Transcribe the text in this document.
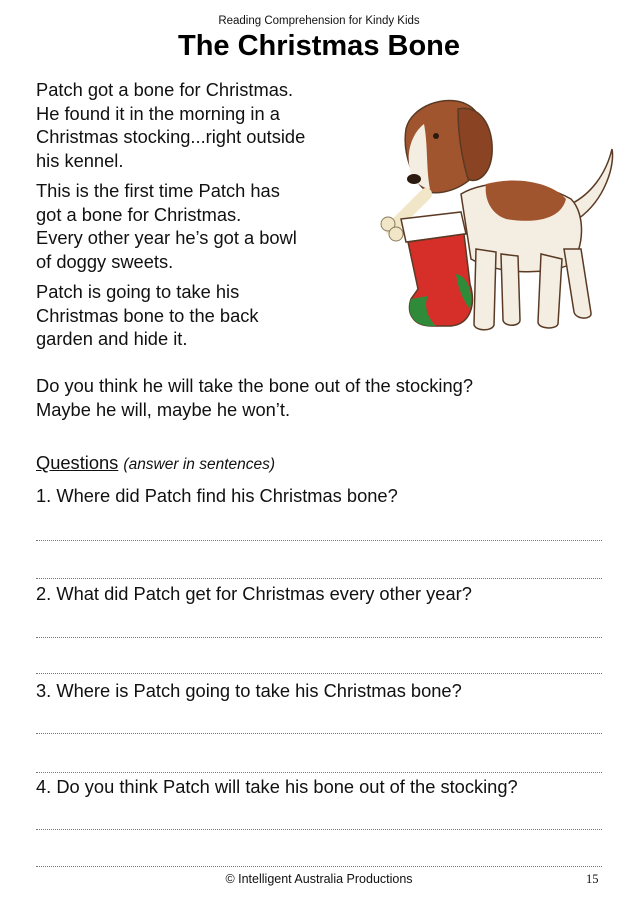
Reading Comprehension for Kindy Kids
The Christmas Bone

Patch got a bone for Christmas.
He found it in the morning in a
Christmas stocking...right outside
his kennel.

This is the first time Patch has
got a bone for Christmas.
Every other year he’s got a bowl
of doggy sweets.

Patch is going to take his
Christmas bone to the back
garden and hide it.

Do you think he will take the bone out of the stocking?
Maybe he will, maybe he won’t.

Questions (answer in sentences)
1. Where did Patch find his Christmas bone?
2. What did Patch get for Christmas every other year?
3. Where is Patch going to take his Christmas bone?
4. Do you think Patch will take his bone out of the stocking?
© Intelligent Australia Productions	15
